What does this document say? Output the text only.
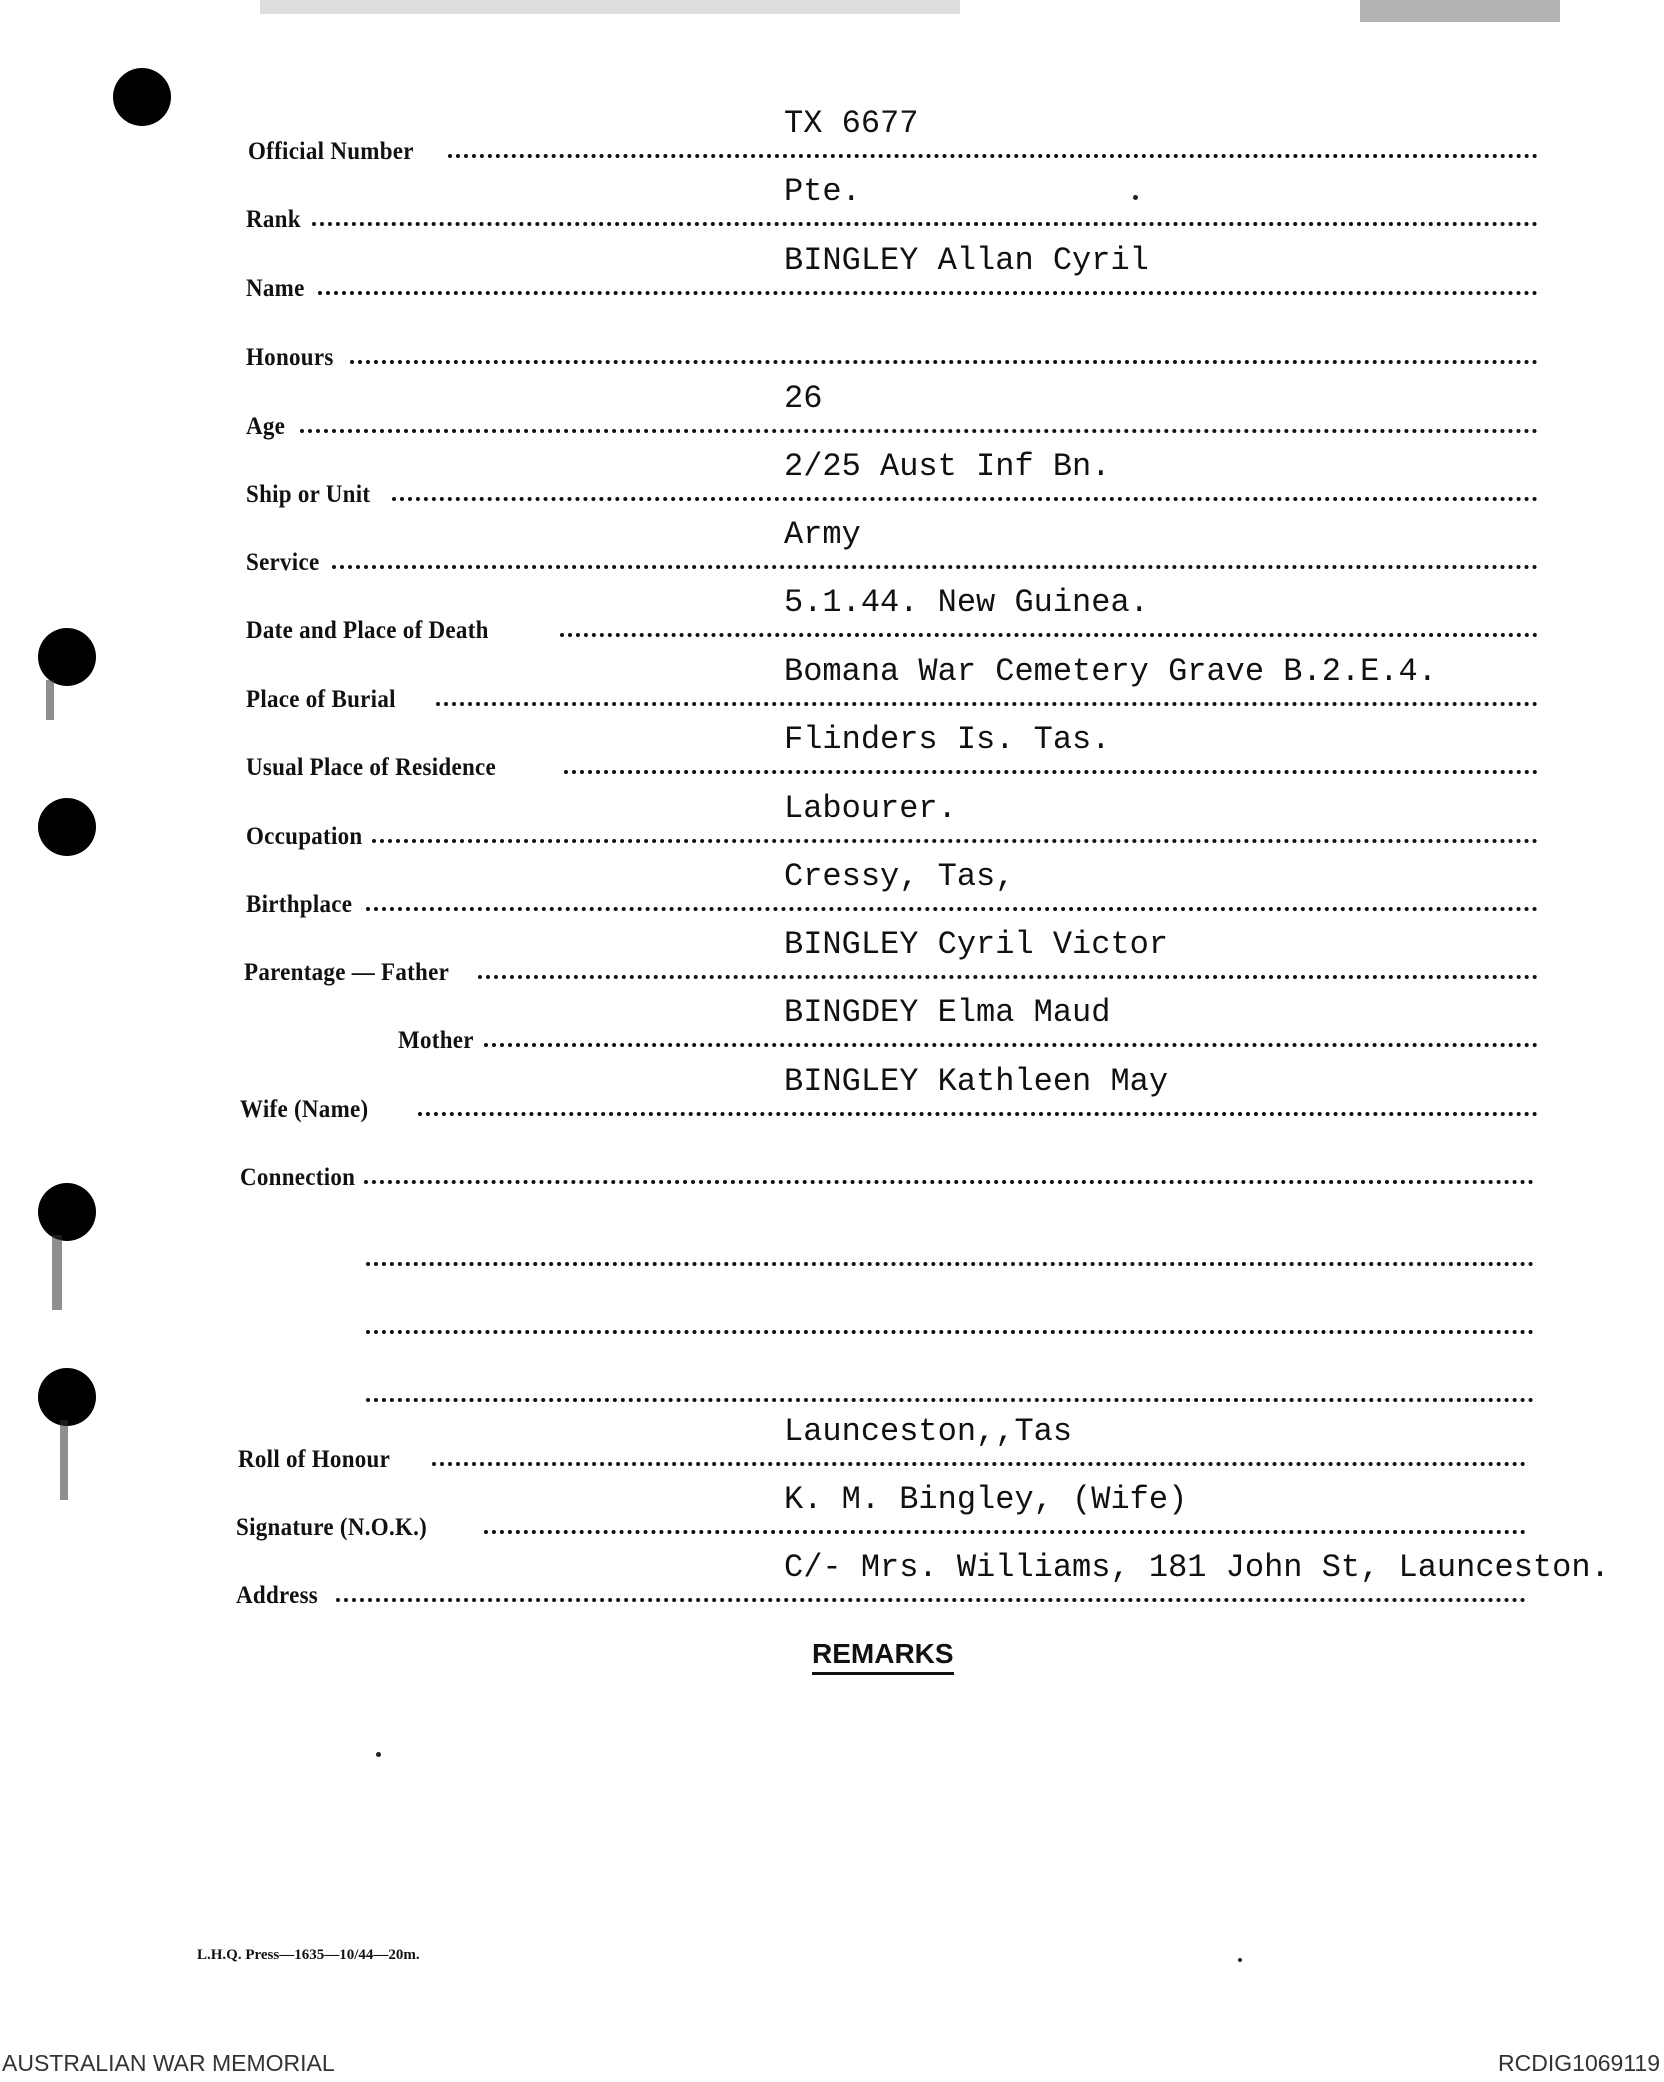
Official Number
TX 6677
Rank
Pte.
Name
BINGLEY Allan Cyril
Honours
Age
26
Ship or Unit
2/25 Aust Inf Bn.
Service
Army
Date and Place of Death
5.1.44. New Guinea.
Place of Burial
Bomana War Cemetery Grave B.2.E.4.
Usual Place of Residence
Flinders Is. Tas.
Occupation
Labourer.
Birthplace
Cressy, Tas,
Parentage — Father
BINGLEY Cyril Victor
Mother
BINGDEY Elma Maud
Wife (Name)
BINGLEY Kathleen May
Connection
Roll of Honour
Launceston,,Tas
Signature (N.O.K.)
K. M. Bingley, (Wife)
Address
C/- Mrs. Williams, 181 John St, Launceston.
REMARKS
L.H.Q. Press—1635—10/44—20m.
AUSTRALIAN WAR MEMORIAL	RCDIG1069119
